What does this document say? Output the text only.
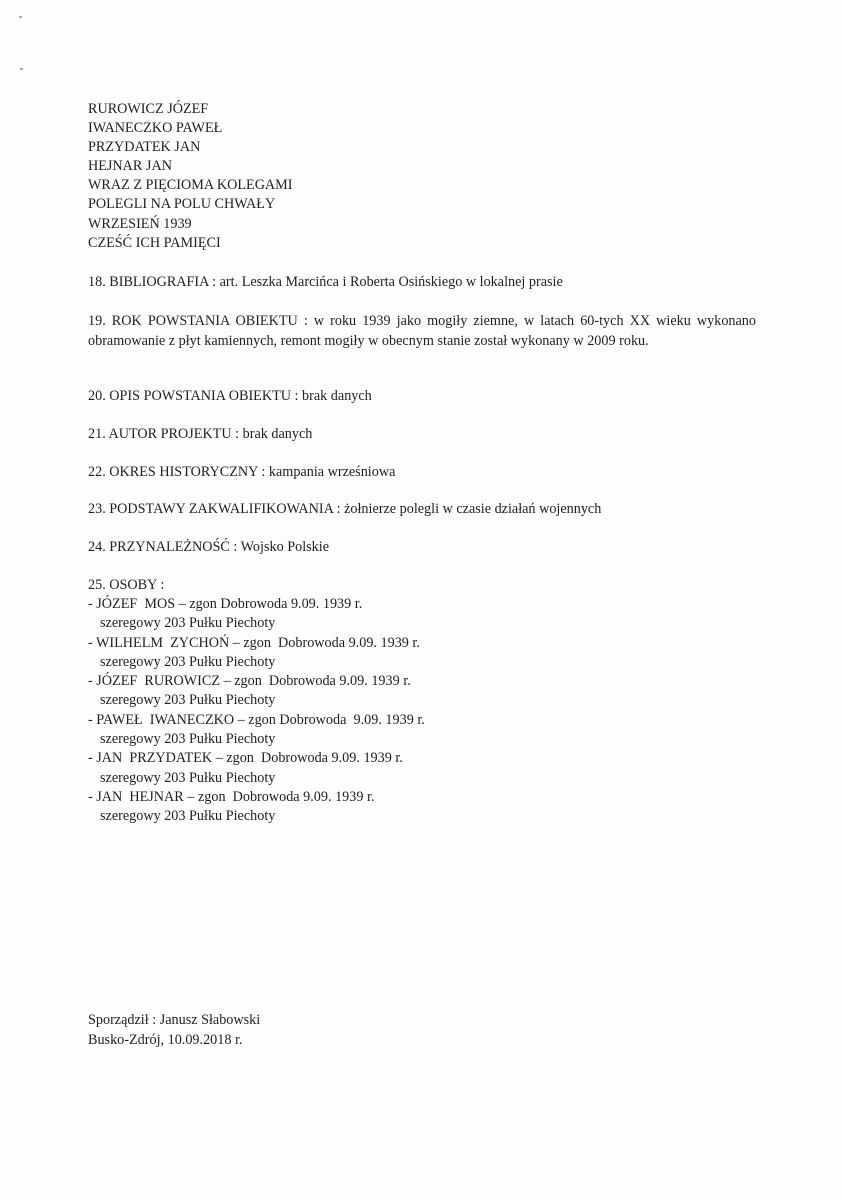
RUROWICZ JÓZEF
IWANECZKO PAWEŁ
PRZYDATEK JAN
HEJNAR JAN
WRAZ Z PIĘCIOMA KOLEGAMI
POLEGLI NA POLU CHWAŁY
WRZESIEŃ 1939
CZEŚĆ ICH PAMIĘCI
18. BIBLIOGRAFIA : art. Leszka Marcińca i Roberta Osińskiego w lokalnej prasie
19. ROK POWSTANIA OBIEKTU : w roku 1939 jako mogiły ziemne, w latach 60-tych XX wieku wykonano obramowanie z płyt kamiennych, remont mogiły w obecnym stanie został wykonany w 2009 roku.
20. OPIS POWSTANIA OBIEKTU : brak danych
21. AUTOR PROJEKTU : brak danych
22. OKRES HISTORYCZNY : kampania wrześniowa
23. PODSTAWY ZAKWALIFIKOWANIA : żołnierze polegli w czasie działań wojennych
24. PRZYNALEŻNOŚĆ : Wojsko Polskie
25. OSOBY :
- JÓZEF  MOS – zgon Dobrowoda 9.09. 1939 r.
szeregowy 203 Pułku Piechoty
- WILHELM  ZYCHOŃ – zgon  Dobrowoda 9.09. 1939 r.
szeregowy 203 Pułku Piechoty
- JÓZEF  RUROWICZ – zgon  Dobrowoda 9.09. 1939 r.
szeregowy 203 Pułku Piechoty
- PAWEŁ  IWANECZKO – zgon Dobrowoda  9.09. 1939 r.
szeregowy 203 Pułku Piechoty
- JAN  PRZYDATEK – zgon  Dobrowoda 9.09. 1939 r.
szeregowy 203 Pułku Piechoty
- JAN  HEJNAR – zgon  Dobrowoda 9.09. 1939 r.
szeregowy 203 Pułku Piechoty
Sporządził : Janusz Słabowski
Busko-Zdrój, 10.09.2018 r.
